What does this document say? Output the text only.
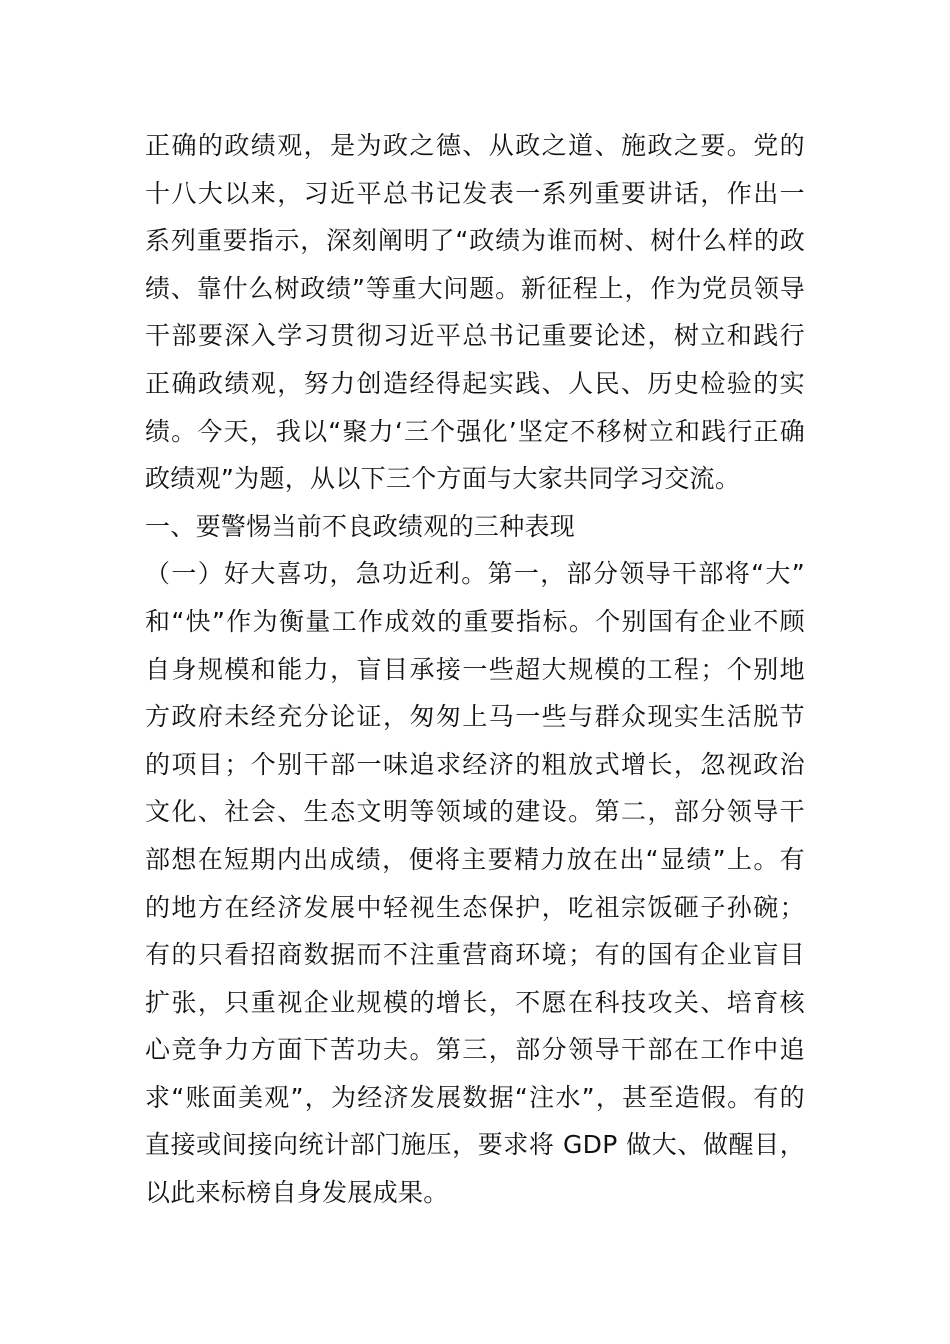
正确的政绩观，是为政之德、从政之道、施政之要。党的
十八大以来，习近平总书记发表一系列重要讲话，作出一
系列重要指示，深刻阐明了“政绩为谁而树、树什么样的政
绩、靠什么树政绩”等重大问题。新征程上，作为党员领导
干部要深入学习贯彻习近平总书记重要论述，树立和践行
正确政绩观，努力创造经得起实践、人民、历史检验的实
绩。今天，我以“聚力‘三个强化’坚定不移树立和践行正确
政绩观”为题，从以下三个方面与大家共同学习交流。
一、要警惕当前不良政绩观的三种表现
（一）好大喜功，急功近利。第一，部分领导干部将“大”
和“快”作为衡量工作成效的重要指标。个别国有企业不顾
自身规模和能力，盲目承接一些超大规模的工程；个别地
方政府未经充分论证，匆匆上马一些与群众现实生活脱节
的项目；个别干部一味追求经济的粗放式增长，忽视政治
文化、社会、生态文明等领域的建设。第二，部分领导干
部想在短期内出成绩，便将主要精力放在出“显绩”上。有
的地方在经济发展中轻视生态保护，吃祖宗饭砸子孙碗；
有的只看招商数据而不注重营商环境；有的国有企业盲目
扩张，只重视企业规模的增长，不愿在科技攻关、培育核
心竞争力方面下苦功夫。第三，部分领导干部在工作中追
求“账面美观”，为经济发展数据“注水”，甚至造假。有的
直接或间接向统计部门施压，要求将 GDP 做大、做醒目，
以此来标榜自身发展成果。
